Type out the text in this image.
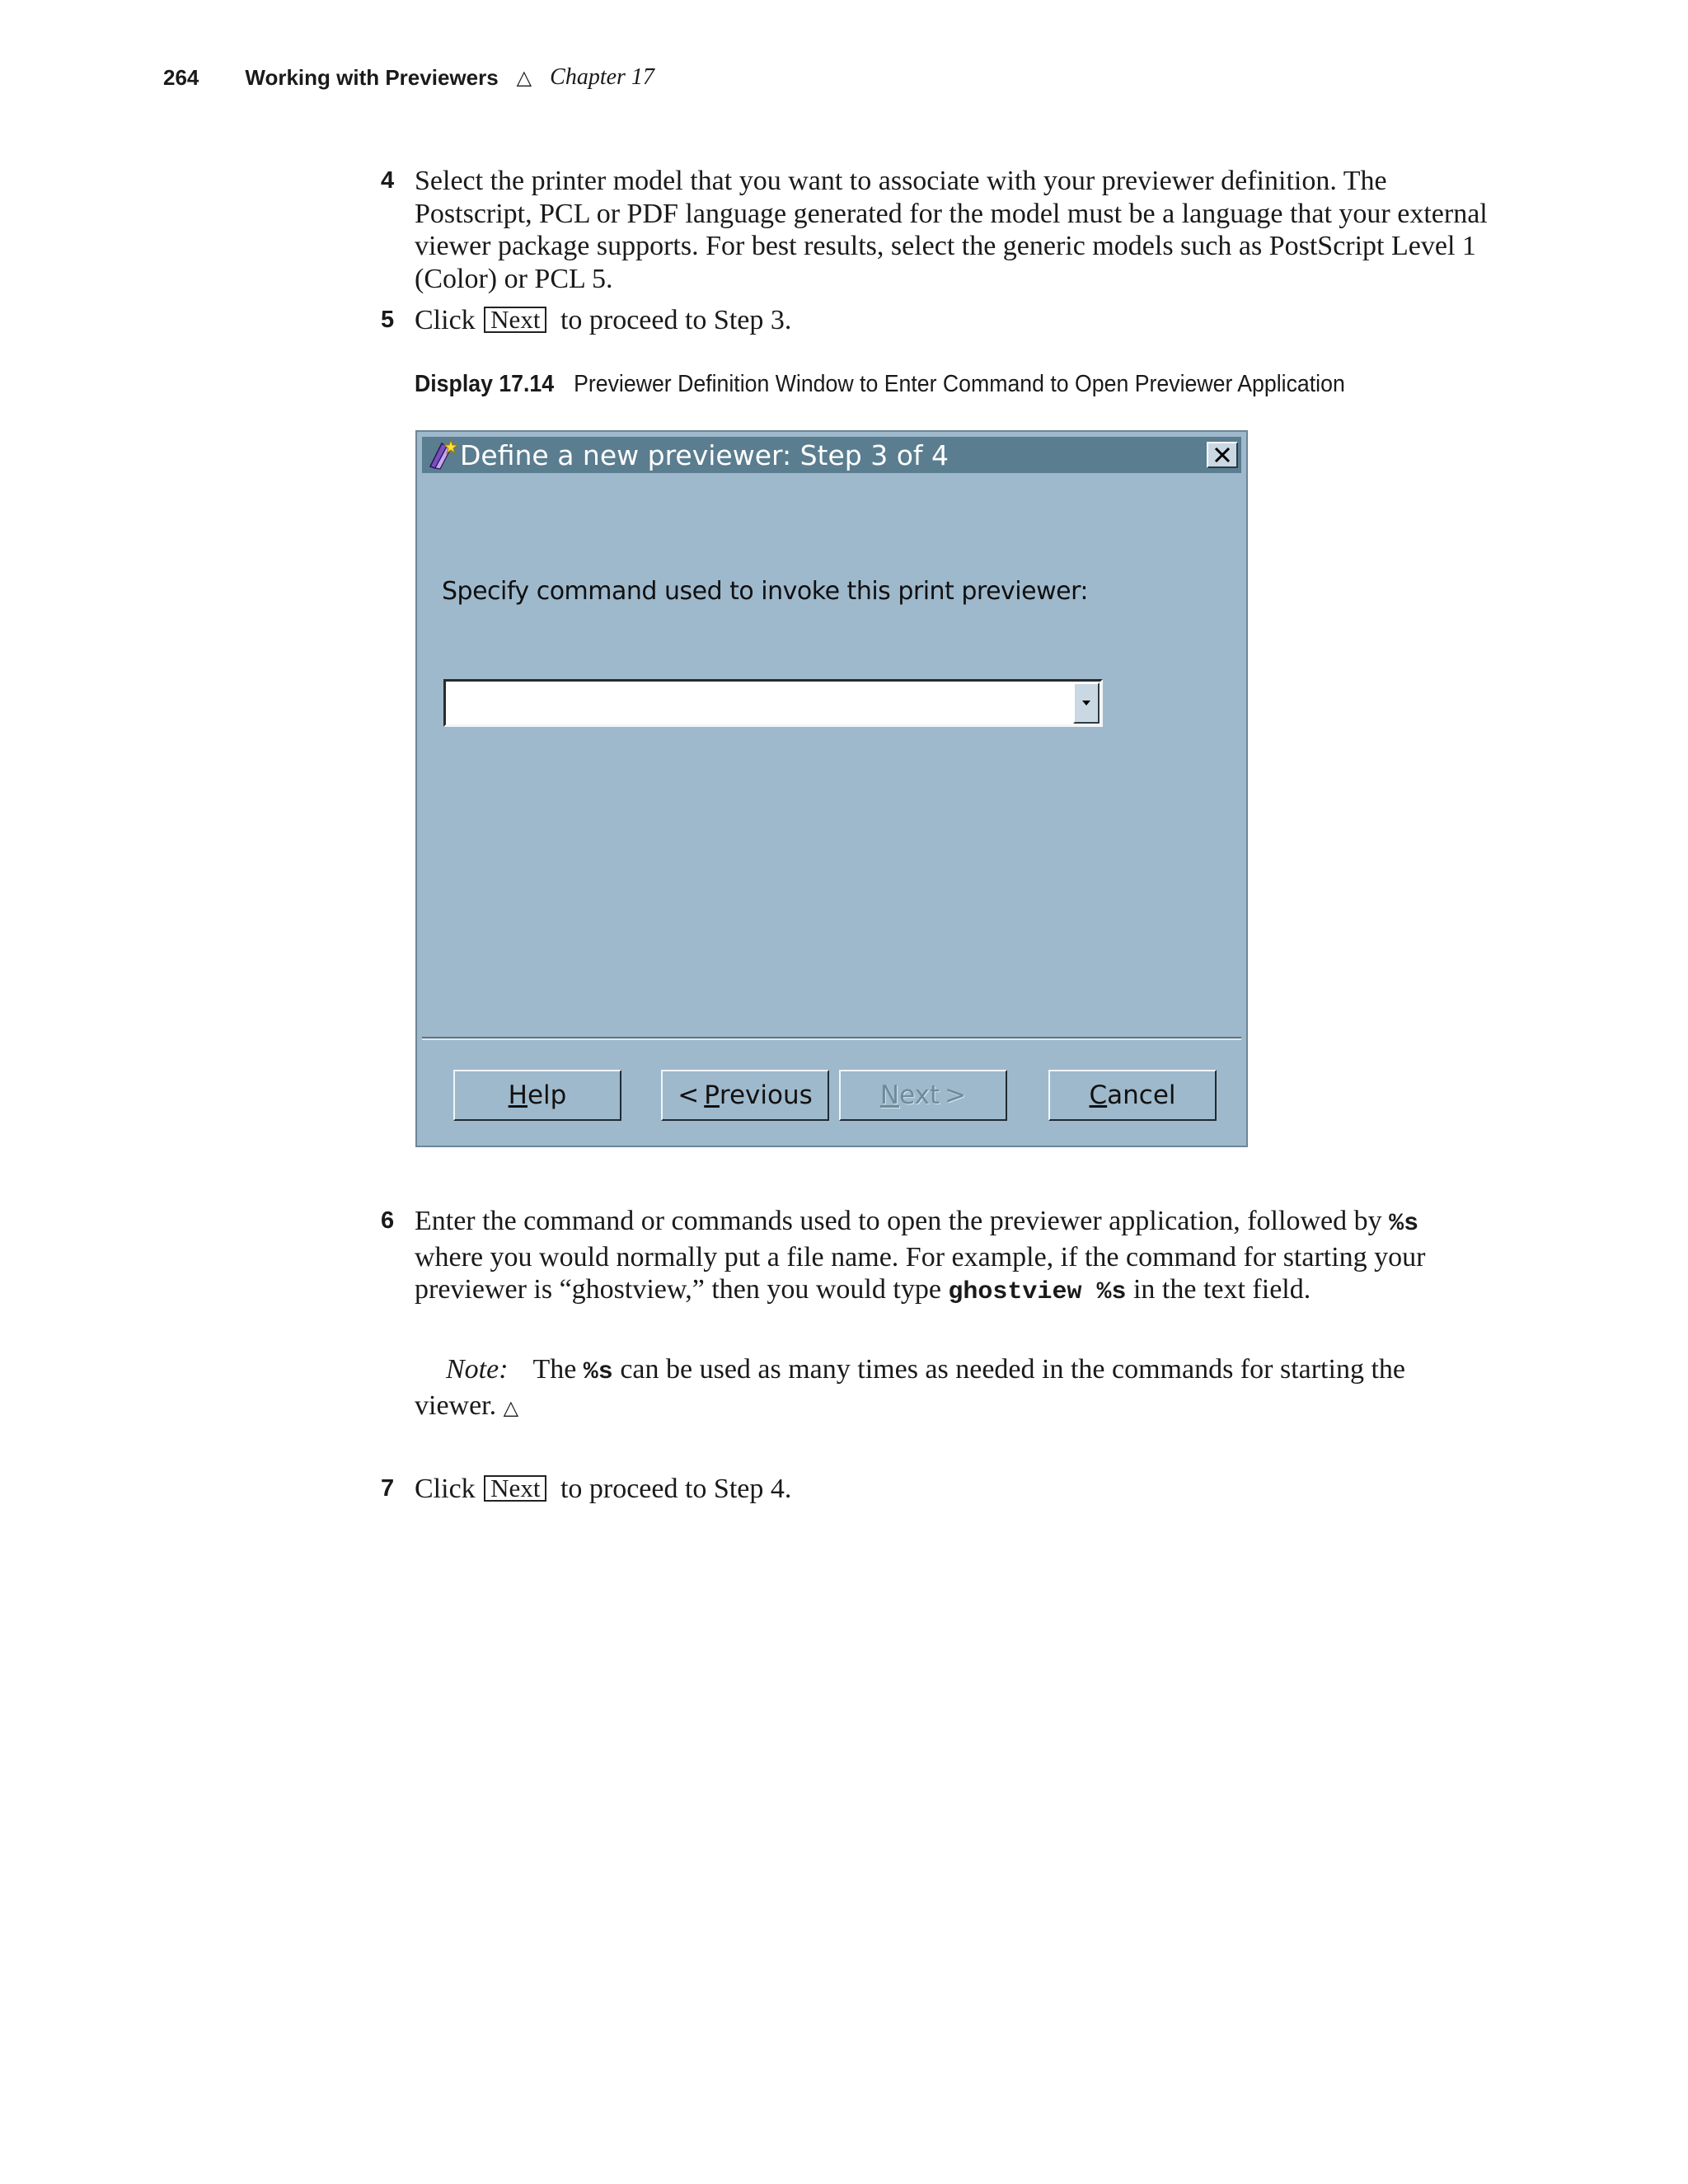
264 Working with Previewers △ Chapter 17
4 Select the printer model that you want to associate with your previewer definition. The Postscript, PCL or PDF language generated for the model must be a language that your external viewer package supports. For best results, select the generic models such as PostScript Level 1 (Color) or PCL 5.
5 Click Next to proceed to Step 3.
Display 17.14 Previewer Definition Window to Enter Command to Open Previewer Application
Define a new previewer: Step 3 of 4
Specify command used to invoke this print previewer:
H elp	< P revious	N ext >	C ancel
6 Enter the command or commands used to open the previewer application, followed by %s where you would normally put a file name. For example, if the command for starting your previewer is “ghostview,” then you would type ghostview %s in the text field.
Note: The %s can be used as many times as needed in the commands for starting the viewer. △
7 Click Next to proceed to Step 4.
